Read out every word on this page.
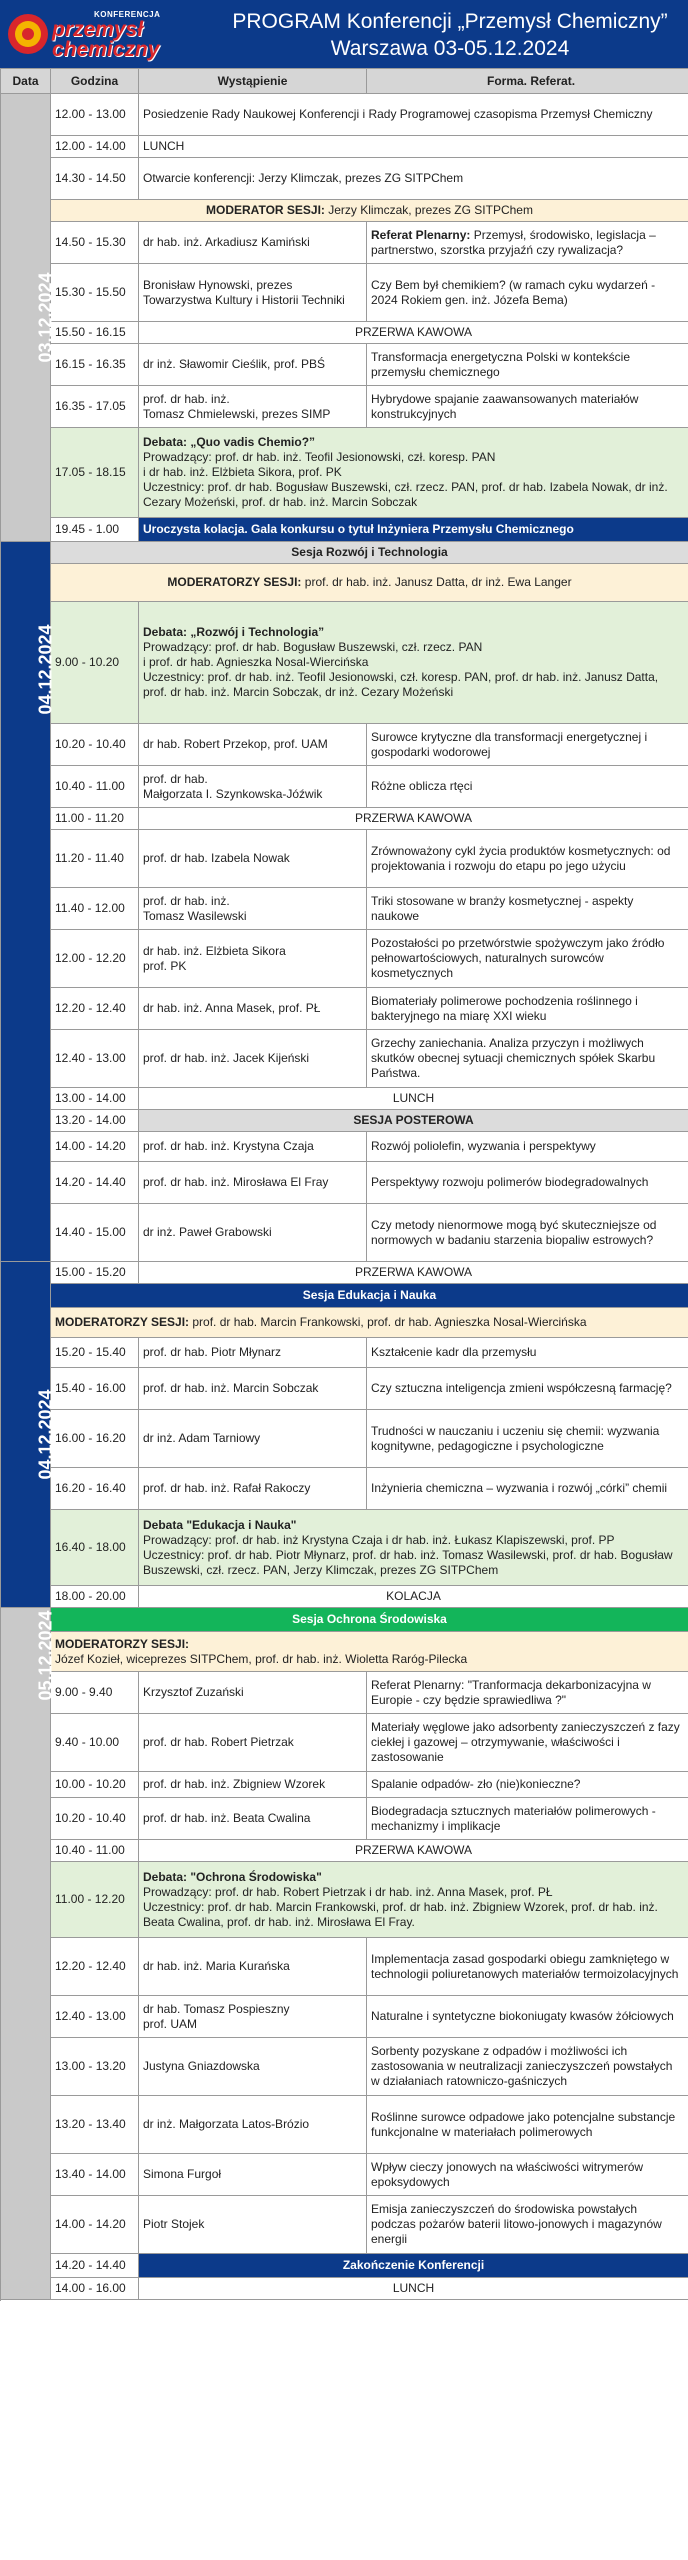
KONFERENCJA
przemysł
chemiczny
PROGRAM Konferencji „Przemysł Chemiczny”
Warszawa 03-05.12.2024
Data	Godzina	Wystąpienie	Forma. Referat.
03.12.2024	12.00 - 13.00	Posiedzenie Rady Naukowej Konferencji i Rady Programowej czasopisma Przemysł Chemiczny	
	12.00 - 14.00	LUNCH	
	14.30 - 14.50	Otwarcie konferencji: Jerzy Klimczak, prezes ZG SITPChem	
	MODERATOR SESJI: Jerzy Klimczak, prezes ZG SITPChem		
	14.50 - 15.30	dr hab. inż. Arkadiusz Kamiński	Referat Plenarny: Przemysł, środowisko, legislacja – partnerstwo, szorstka przyjaźń czy rywalizacja?
	15.30 - 15.50	Bronisław Hynowski, prezes Towarzystwa Kultury i Historii Techniki	Czy Bem był chemikiem? (w ramach cyku wydarzeń - 2024 Rokiem gen. inż. Józefa Bema)
	15.50 - 16.15	PRZERWA KAWOWA	
	16.15 - 16.35	dr inż. Sławomir Cieślik, prof. PBŚ	Transformacja energetyczna Polski w kontekście przemysłu chemicznego
	16.35 - 17.05	prof. dr hab. inż.
Tomasz Chmielewski, prezes SIMP	Hybrydowe spajanie zaawansowanych materiałów konstrukcyjnych
	17.05 - 18.15	Debata: „Quo vadis Chemio?”
Prowadzący: prof. dr hab. inż. Teofil Jesionowski, czł. koresp. PAN
i dr hab. inż. Elżbieta Sikora, prof. PK
Uczestnicy: prof. dr hab. Bogusław Buszewski, czł. rzecz. PAN, prof. dr hab. Izabela Nowak, dr inż. Cezary Możeński, prof. dr hab. inż. Marcin Sobczak	

	19.45 - 1.00	Uroczysta kolacja. Gala konkursu o tytuł Inżyniera Przemysłu Chemicznego	
04.12.2024	Sesja Rozwój i Technologia		
	MODERATORZY SESJI: prof. dr hab. inż. Janusz Datta, dr inż. Ewa Langer		
	9.00 - 10.20	Debata: „Rozwój i Technologia”
Prowadzący: prof. dr hab. Bogusław Buszewski, czł. rzecz. PAN
i prof. dr hab. Agnieszka Nosal-Wiercińska
Uczestnicy: prof. dr hab. inż. Teofil Jesionowski, czł. koresp. PAN, prof. dr hab. inż. Janusz Datta, prof. dr hab. inż. Marcin Sobczak, dr inż. Cezary Możeński	

	10.20 - 10.40	dr hab. Robert Przekop, prof. UAM	Surowce krytyczne dla transformacji energetycznej i gospodarki wodorowej
	10.40 - 11.00	prof. dr hab.
Małgorzata I. Szynkowska-Jóźwik	Różne oblicza rtęci
	11.00 - 11.20	PRZERWA KAWOWA	
	11.20 - 11.40	prof. dr hab. Izabela Nowak	Zrównoważony cykl życia produktów kosmetycznych: od projektowania i rozwoju do etapu po jego użyciu
	11.40 - 12.00	prof. dr hab. inż.
Tomasz Wasilewski	Triki stosowane w branży kosmetycznej - aspekty naukowe
	12.00 - 12.20	dr hab. inż. Elżbieta Sikora
prof. PK	Pozostałości po przetwórstwie spożywczym jako źródło pełnowartościowych, naturalnych surowców kosmetycznych
	12.20 - 12.40	dr hab. inż. Anna Masek, prof. PŁ	Biomateriały polimerowe pochodzenia roślinnego i bakteryjnego na miarę XXI wieku
	12.40 - 13.00	prof. dr hab. inż. Jacek Kijeński	Grzechy zaniechania. Analiza przyczyn i możliwych skutków obecnej sytuacji chemicznych spółek Skarbu Państwa.
	13.00 - 14.00	LUNCH	
	13.20 - 14.00	SESJA POSTEROWA	
	14.00 - 14.20	prof. dr hab. inż. Krystyna Czaja	Rozwój poliolefin, wyzwania i perspektywy
	14.20 - 14.40	prof. dr hab. inż. Mirosława El Fray	Perspektywy rozwoju polimerów biodegradowalnych
	14.40 - 15.00	dr inż. Paweł Grabowski	Czy metody nienormowe mogą być skuteczniejsze od normowych w badaniu starzenia biopaliw estrowych?
04.12.2024	15.00 - 15.20	PRZERWA KAWOWA	
	Sesja Edukacja i Nauka		
	MODERATORZY SESJI: prof. dr hab. Marcin Frankowski, prof. dr hab. Agnieszka Nosal-Wiercińska		
	15.20 - 15.40	prof. dr hab. Piotr Młynarz	Kształcenie kadr dla przemysłu
	15.40 - 16.00	prof. dr hab. inż. Marcin Sobczak	Czy sztuczna inteligencja zmieni współczesną farmację?
	16.00 - 16.20	dr inż. Adam Tarniowy	Trudności w nauczaniu i uczeniu się chemii: wyzwania kognitywne, pedagogiczne i psychologiczne
	16.20 - 16.40	prof. dr hab. inż. Rafał Rakoczy	Inżynieria chemiczna – wyzwania i rozwój „córki” chemii
	16.40 - 18.00	Debata "Edukacja i Nauka"
Prowadzący: prof. dr hab. inż Krystyna Czaja i dr hab. inż. Łukasz Klapiszewski, prof. PP
Uczestnicy: prof. dr hab. Piotr Młynarz, prof. dr hab. inż. Tomasz Wasilewski, prof. dr hab. Bogusław Buszewski, czł. rzecz. PAN, Jerzy Klimczak, prezes ZG SITPChem	

	18.00 - 20.00	KOLACJA	

05.12.2024	Sesja Ochrona Środowiska		

	MODERATORZY SESJI:
Józef Kozieł, wiceprezes SITPChem, prof. dr hab. inż. Wioletta Raróg-Pilecka		

	9.00 - 9.40	Krzysztof Zuzański	Referat Plenarny: "Tranformacja dekarbonizacyjna w Europie - czy będzie sprawiedliwa ?"
	9.40 - 10.00	prof. dr hab. Robert Pietrzak	Materiały węglowe jako adsorbenty zanieczyszczeń z fazy ciekłej i gazowej – otrzymywanie, właściwości i zastosowanie
	10.00 - 10.20	prof. dr hab. inż. Zbigniew Wzorek	Spalanie odpadów- zło (nie)konieczne?
	10.20 - 10.40	prof. dr hab. inż. Beata Cwalina	Biodegradacja sztucznych materiałów polimerowych - mechanizmy i implikacje
	10.40 - 11.00	PRZERWA KAWOWA	
	11.00 - 12.20	Debata: "Ochrona Środowiska"
Prowadzący: prof. dr hab. Robert Pietrzak i dr hab. inż. Anna Masek, prof. PŁ
Uczestnicy: prof. dr hab. Marcin Frankowski, prof. dr hab. inż. Zbigniew Wzorek, prof. dr hab. inż. Beata Cwalina, prof. dr hab. inż. Mirosława El Fray.	

	12.20 - 12.40	dr hab. inż. Maria Kurańska	Implementacja zasad gospodarki obiegu zamkniętego w technologii poliuretanowych materiałów termoizolacyjnych
	12.40 - 13.00	dr hab. Tomasz Pospieszny
prof. UAM	Naturalne i syntetyczne biokoniugaty kwasów żółciowych
	13.00 - 13.20	Justyna Gniazdowska	Sorbenty pozyskane z odpadów i możliwości ich zastosowania w neutralizacji zanieczyszczeń powstałych w działaniach ratowniczo-gaśniczych
	13.20 - 13.40	dr inż. Małgorzata Latos-Brózio	Roślinne surowce odpadowe jako potencjalne substancje funkcjonalne w materiałach polimerowych
	13.40 - 14.00	Simona Furgoł	Wpływ cieczy jonowych na właściwości witrymerów epoksydowych
	14.00 - 14.20	Piotr Stojek	Emisja zanieczyszczeń do środowiska powstałych podczas pożarów baterii litowo-jonowych i magazynów energii
	14.20 - 14.40	Zakończenie Konferencji	
	14.00 - 16.00	LUNCH	
